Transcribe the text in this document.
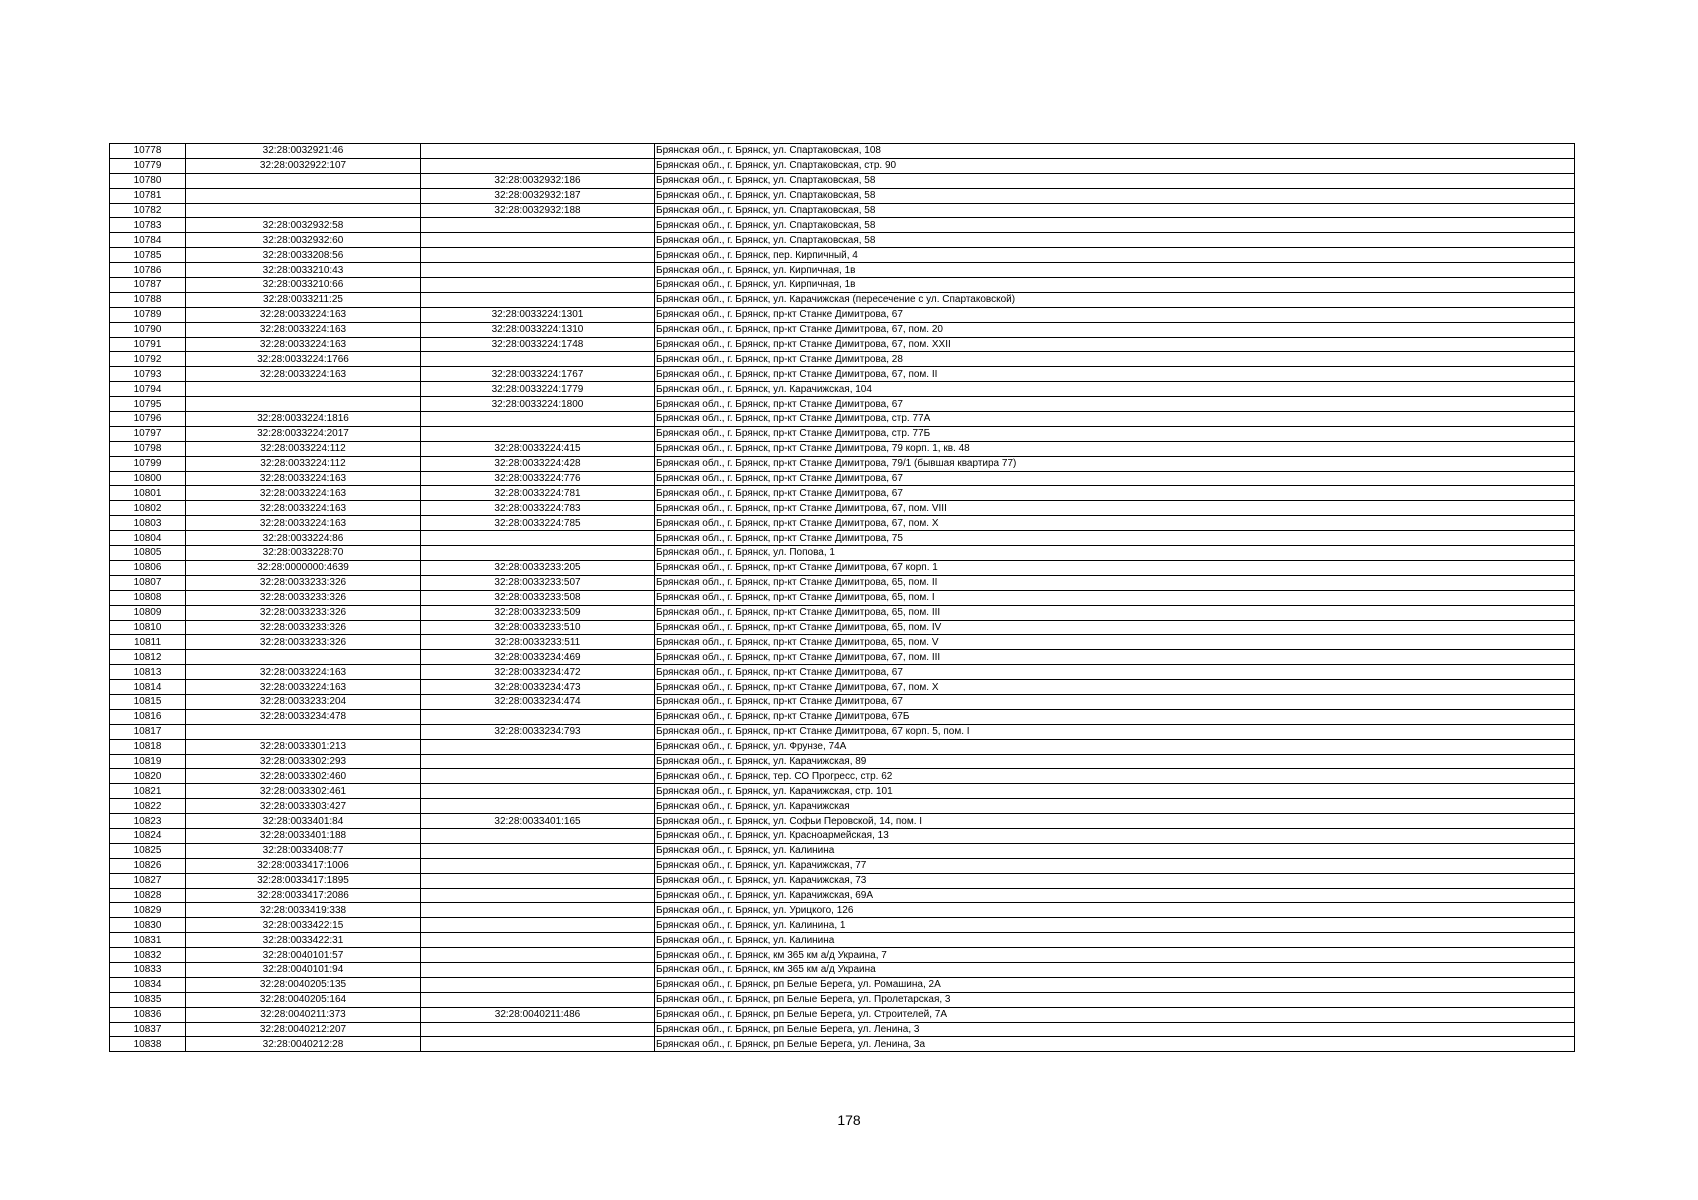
10778	32:28:0032921:46		Брянская обл., г. Брянск, ул. Спартаковская, 108
10779	32:28:0032922:107		Брянская обл., г. Брянск, ул. Спартаковская, стр. 90
10780		32:28:0032932:186	Брянская обл., г. Брянск, ул. Спартаковская, 58
10781		32:28:0032932:187	Брянская обл., г. Брянск, ул. Спартаковская, 58
10782		32:28:0032932:188	Брянская обл., г. Брянск, ул. Спартаковская, 58
10783	32:28:0032932:58		Брянская обл., г. Брянск, ул. Спартаковская, 58
10784	32:28:0032932:60		Брянская обл., г. Брянск, ул. Спартаковская, 58
10785	32:28:0033208:56		Брянская обл., г. Брянск, пер. Кирпичный, 4
10786	32:28:0033210:43		Брянская обл., г. Брянск, ул. Кирпичная, 1в
10787	32:28:0033210:66		Брянская обл., г. Брянск, ул. Кирпичная, 1в
10788	32:28:0033211:25		Брянская обл., г. Брянск, ул. Карачижская (пересечение с ул. Спартаковской)
10789	32:28:0033224:163	32:28:0033224:1301	Брянская обл., г. Брянск, пр-кт Станке Димитрова, 67
10790	32:28:0033224:163	32:28:0033224:1310	Брянская обл., г. Брянск, пр-кт Станке Димитрова, 67, пом. 20
10791	32:28:0033224:163	32:28:0033224:1748	Брянская обл., г. Брянск, пр-кт Станке Димитрова, 67, пом. XXII
10792	32:28:0033224:1766		Брянская обл., г. Брянск, пр-кт Станке Димитрова, 28
10793	32:28:0033224:163	32:28:0033224:1767	Брянская обл., г. Брянск, пр-кт Станке Димитрова, 67, пом. II
10794		32:28:0033224:1779	Брянская обл., г. Брянск, ул. Карачижская, 104
10795		32:28:0033224:1800	Брянская обл., г. Брянск, пр-кт Станке Димитрова, 67
10796	32:28:0033224:1816		Брянская обл., г. Брянск, пр-кт Станке Димитрова, стр. 77А
10797	32:28:0033224:2017		Брянская обл., г. Брянск, пр-кт Станке Димитрова, стр. 77Б
10798	32:28:0033224:112	32:28:0033224:415	Брянская обл., г. Брянск, пр-кт Станке Димитрова, 79 корп. 1, кв. 48
10799	32:28:0033224:112	32:28:0033224:428	Брянская обл., г. Брянск, пр-кт Станке Димитрова, 79/1 (бывшая квартира 77)
10800	32:28:0033224:163	32:28:0033224:776	Брянская обл., г. Брянск, пр-кт Станке Димитрова, 67
10801	32:28:0033224:163	32:28:0033224:781	Брянская обл., г. Брянск, пр-кт Станке Димитрова, 67
10802	32:28:0033224:163	32:28:0033224:783	Брянская обл., г. Брянск, пр-кт Станке Димитрова, 67, пом. VIII
10803	32:28:0033224:163	32:28:0033224:785	Брянская обл., г. Брянск, пр-кт Станке Димитрова, 67, пом. X
10804	32:28:0033224:86		Брянская обл., г. Брянск, пр-кт Станке Димитрова, 75
10805	32:28:0033228:70		Брянская обл., г. Брянск, ул. Попова, 1
10806	32:28:0000000:4639	32:28:0033233:205	Брянская обл., г. Брянск, пр-кт Станке Димитрова, 67 корп. 1
10807	32:28:0033233:326	32:28:0033233:507	Брянская обл., г. Брянск, пр-кт Станке Димитрова, 65, пом. II
10808	32:28:0033233:326	32:28:0033233:508	Брянская обл., г. Брянск, пр-кт Станке Димитрова, 65, пом. I
10809	32:28:0033233:326	32:28:0033233:509	Брянская обл., г. Брянск, пр-кт Станке Димитрова, 65, пом. III
10810	32:28:0033233:326	32:28:0033233:510	Брянская обл., г. Брянск, пр-кт Станке Димитрова, 65, пом. IV
10811	32:28:0033233:326	32:28:0033233:511	Брянская обл., г. Брянск, пр-кт Станке Димитрова, 65, пом. V
10812		32:28:0033234:469	Брянская обл., г. Брянск, пр-кт Станке Димитрова, 67, пом. III
10813	32:28:0033224:163	32:28:0033234:472	Брянская обл., г. Брянск, пр-кт Станке Димитрова, 67
10814	32:28:0033224:163	32:28:0033234:473	Брянская обл., г. Брянск, пр-кт Станке Димитрова, 67, пом. X
10815	32:28:0033233:204	32:28:0033234:474	Брянская обл., г. Брянск, пр-кт Станке Димитрова, 67
10816	32:28:0033234:478		Брянская обл., г. Брянск, пр-кт Станке Димитрова, 67Б
10817		32:28:0033234:793	Брянская обл., г. Брянск, пр-кт Станке Димитрова, 67 корп. 5, пом. I
10818	32:28:0033301:213		Брянская обл., г. Брянск, ул. Фрунзе, 74А
10819	32:28:0033302:293		Брянская обл., г. Брянск, ул. Карачижская, 89
10820	32:28:0033302:460		Брянская обл., г. Брянск, тер. СО Прогресс, стр. 62
10821	32:28:0033302:461		Брянская обл., г. Брянск, ул. Карачижская, стр. 101
10822	32:28:0033303:427		Брянская обл., г. Брянск, ул. Карачижская
10823	32:28:0033401:84	32:28:0033401:165	Брянская обл., г. Брянск, ул. Софьи Перовской, 14, пом. I
10824	32:28:0033401:188		Брянская обл., г. Брянск, ул. Красноармейская, 13
10825	32:28:0033408:77		Брянская обл., г. Брянск, ул. Калинина
10826	32:28:0033417:1006		Брянская обл., г. Брянск, ул. Карачижская, 77
10827	32:28:0033417:1895		Брянская обл., г. Брянск, ул. Карачижская, 73
10828	32:28:0033417:2086		Брянская обл., г. Брянск, ул. Карачижская, 69А
10829	32:28:0033419:338		Брянская обл., г. Брянск, ул. Урицкого, 126
10830	32:28:0033422:15		Брянская обл., г. Брянск, ул. Калинина, 1
10831	32:28:0033422:31		Брянская обл., г. Брянск, ул. Калинина
10832	32:28:0040101:57		Брянская обл., г. Брянск, км 365 км а/д Украина, 7
10833	32:28:0040101:94		Брянская обл., г. Брянск, км 365 км а/д Украина
10834	32:28:0040205:135		Брянская обл., г. Брянск, рп Белые Берега, ул. Ромашина, 2А
10835	32:28:0040205:164		Брянская обл., г. Брянск, рп Белые Берега, ул. Пролетарская, 3
10836	32:28:0040211:373	32:28:0040211:486	Брянская обл., г. Брянск, рп Белые Берега, ул. Строителей, 7А
10837	32:28:0040212:207		Брянская обл., г. Брянск, рп Белые Берега, ул. Ленина, 3
10838	32:28:0040212:28		Брянская обл., г. Брянск, рп Белые Берега, ул. Ленина, 3а
178
